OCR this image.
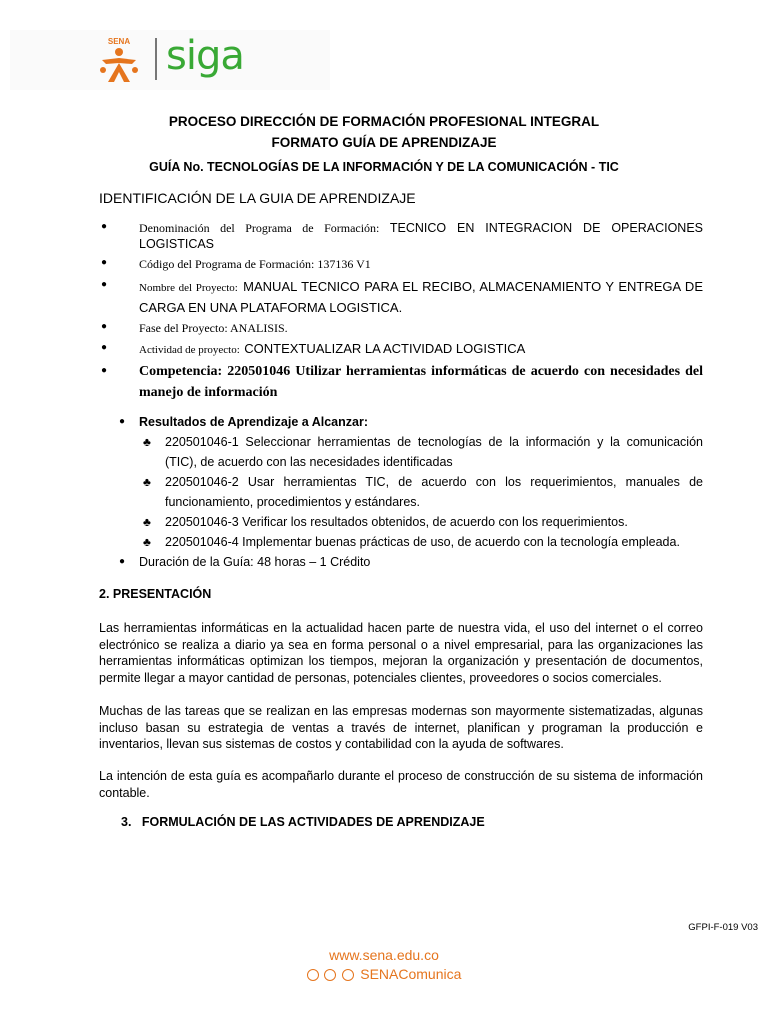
SENA siga
PROCESO DIRECCIÓN DE FORMACIÓN PROFESIONAL INTEGRAL
FORMATO GUÍA DE APRENDIZAJE
GUÍA No. TECNOLOGÍAS DE LA INFORMACIÓN Y DE LA COMUNICACIÓN - TIC
IDENTIFICACIÓN DE LA GUIA DE APRENDIZAJE
●	Denominación del Programa de Formación: TECNICO EN INTEGRACION DE OPERACIONES LOGISTICAS
●	Código del Programa de Formación: 137136 V1
●	Nombre del Proyecto: MANUAL TECNICO PARA EL RECIBO, ALMACENAMIENTO Y ENTREGA DE CARGA EN UNA PLATAFORMA LOGISTICA.
●	Fase del Proyecto: ANALISIS.
●	Actividad de proyecto: CONTEXTUALIZAR LA ACTIVIDAD LOGISTICA
●	Competencia: 220501046 Utilizar herramientas informáticas de acuerdo con necesidades del manejo de información
● Resultados de Aprendizaje a Alcanzar:
♣ 220501046-1 Seleccionar herramientas de tecnologías de la información y la comunicación (TIC), de acuerdo con las necesidades identificadas
♣ 220501046-2 Usar herramientas TIC, de acuerdo con los requerimientos, manuales de funcionamiento, procedimientos y estándares.
♣ 220501046-3 Verificar los resultados obtenidos, de acuerdo con los requerimientos.
♣ 220501046-4 Implementar buenas prácticas de uso, de acuerdo con la tecnología empleada.
● Duración de la Guía: 48 horas – 1 Crédito
2. PRESENTACIÓN

Las herramientas informáticas en la actualidad hacen parte de nuestra vida, el uso del internet o el correo electrónico se realiza a diario ya sea en forma personal o a nivel empresarial, para las organizaciones las herramientas informáticas optimizan los tiempos, mejoran la organización y presentación de documentos, permite llegar a mayor cantidad de personas, potenciales clientes, proveedores o socios comerciales.

Muchas de las tareas que se realizan en las empresas modernas son mayormente sistematizadas, algunas incluso basan su estrategia de ventas a través de internet, planifican y programan la producción e inventarios, llevan sus sistemas de costos y contabilidad con la ayuda de softwares.

La intención de esta guía es acompañarlo durante el proceso de construcción de su sistema de información contable.

3.   FORMULACIÓN DE LAS ACTIVIDADES DE APRENDIZAJE
GFPI-F-019 V03
www.sena.edu.co
SENAComunica
